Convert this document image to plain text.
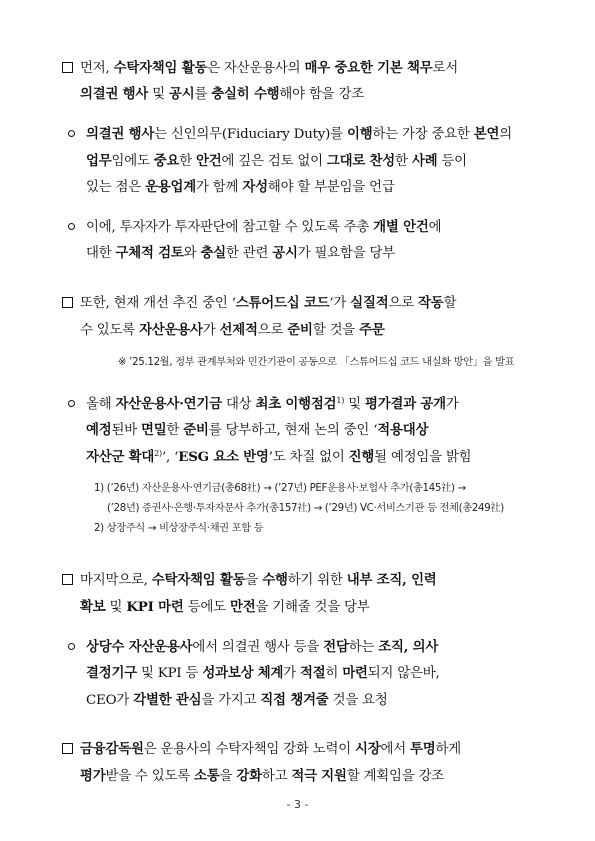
먼저, 수탁자책임 활동은 자산운용사의 매우 중요한 기본 책무로서
의결권 행사 및 공시를 충실히 수행해야 함을 강조
의결권 행사는 신인의무(Fiduciary Duty)를 이행하는 가장 중요한 본연의
업무임에도 중요한 안건에 깊은 검토 없이 그대로 찬성한 사례 등이
있는 점은 운용업계가 함께 자성해야 할 부분임을 언급
이에, 투자자가 투자판단에 참고할 수 있도록 주총 개별 안건에
대한 구체적 검토와 충실한 관련 공시가 필요함을 당부
또한, 현재 개선 추진 중인 ‘스튜어드십 코드’가 실질적으로 작동할
수 있도록 자산운용사가 선제적으로 준비할 것을 주문
※ ’25.12월, 정부 관계부처와 민간기관이 공동으로 「스튜어드십 코드 내실화 방안」을 발표
올해 자산운용사·연기금 대상 최초 이행점검$^{1)}$ 및 평가결과 공개가
예정된바 면밀한 준비를 당부하고, 현재 논의 중인 ‘적용대상
자산군 확대$^{2)}$’, ‘ESG 요소 반영’도 차질 없이 진행될 예정임을 밝힘
1) (’26년) 자산운용사·연기금(총68社) → (’27년) PEF운용사·보험사 추가(총145社) →
(’28년) 증권사·은행·투자자문사 추가(총157社) → (’29년) VC·서비스기관 등 전체(총249社)
2) 상장주식 → 비상장주식·채권 포함 등
마지막으로, 수탁자책임 활동을 수행하기 위한 내부 조직, 인력
확보 및 KPI 마련 등에도 만전을 기해줄 것을 당부
상당수 자산운용사에서 의결권 행사 등을 전담하는 조직, 의사
결정기구 및 KPI 등 성과보상 체계가 적절히 마련되지 않은바,
CEO가 각별한 관심을 가지고 직접 챙겨줄 것을 요청
금융감독원은 운용사의 수탁자책임 강화 노력이 시장에서 투명하게
평가받을 수 있도록 소통을 강화하고 적극 지원할 계획임을 강조
- 3 -
